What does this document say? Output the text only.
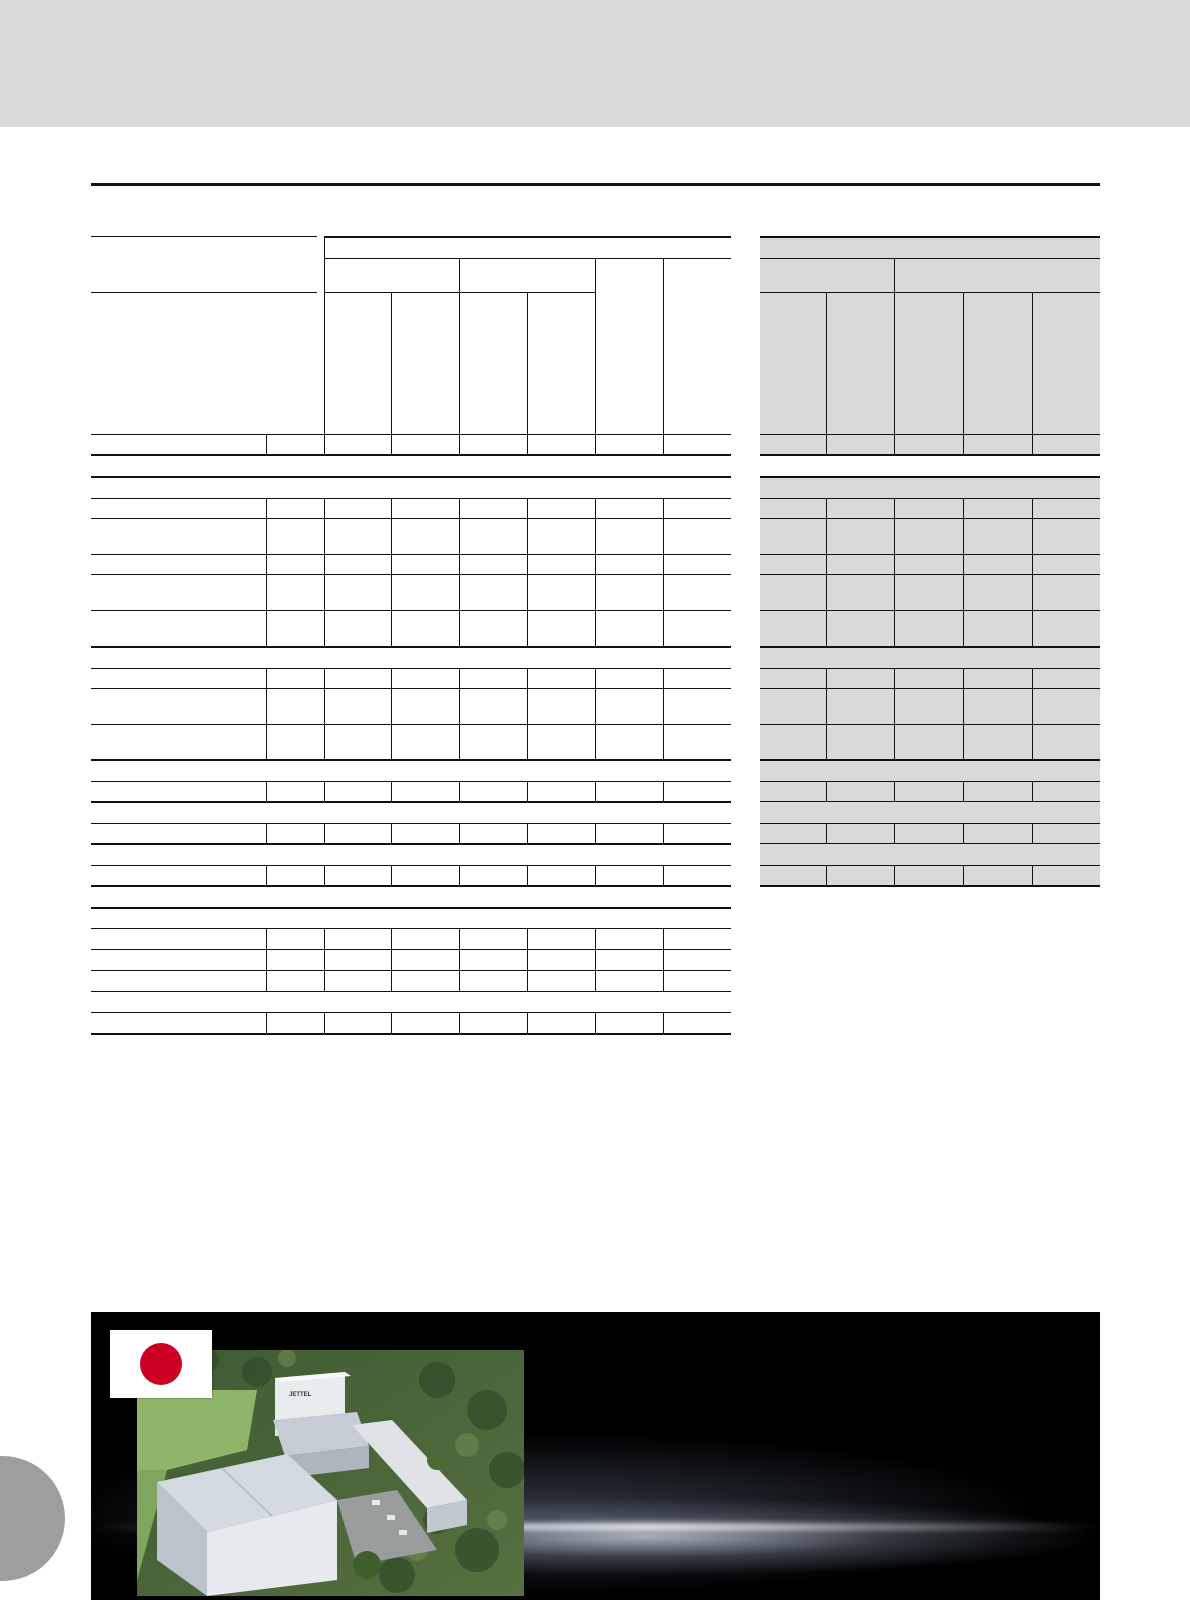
JETTEL
